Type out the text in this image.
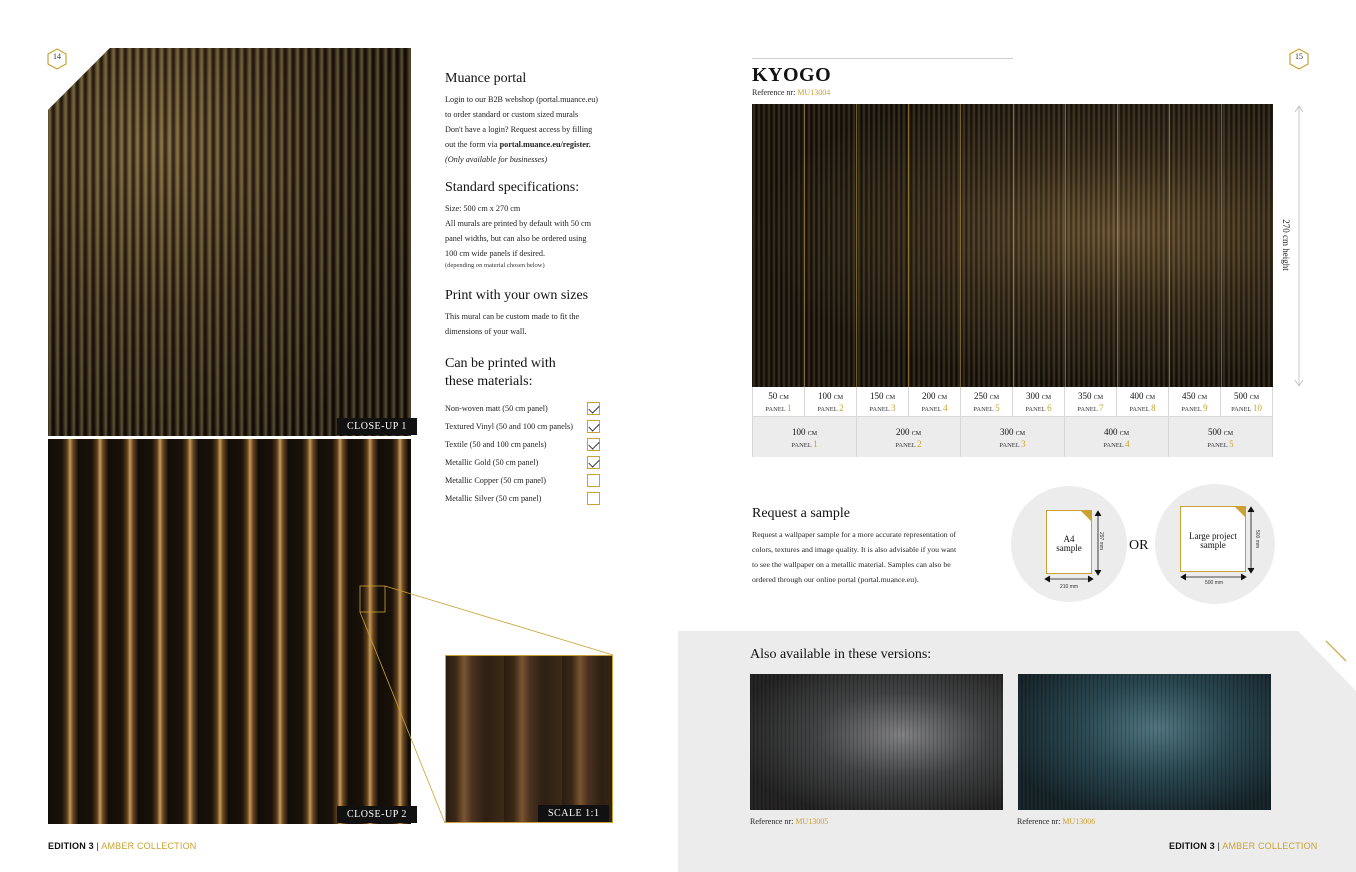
14
CLOSE-UP 1
CLOSE-UP 2	SCALE 1:1
Muance portal
Login to our B2B webshop (portal.muance.eu)
to order standard or custom sized murals
Don't have a login? Request access by filling
out the form via portal.muance.eu/register.
(Only available for businesses)
Standard specifications:
Size: 500 cm x 270 cm
All murals are printed by default with 50 cm
panel widths, but can also be ordered using
100 cm wide panels if desired.
(depending on material chosen below)
Print with your own sizes
This mural can be custom made to fit the
dimensions of your wall.
Can be printed with
these materials:
Non-woven matt (50 cm panel)
Textured Vinyl (50 and 100 cm panels)
Textile (50 and 100 cm panels)
Metallic Gold (50 cm panel)
Metallic Copper (50 cm panel)
Metallic Silver (50 cm panel)
EDITION 3 | AMBER COLLECTION
15
KYOGO
Reference nr: MU13004
270 cm height
50 CM
PANEL 1
100 CM
PANEL 2
150 CM
PANEL 3
200 CM
PANEL 4
250 CM
PANEL 5
300 CM
PANEL 6
350 CM
PANEL 7
400 CM
PANEL 8
450 CM
PANEL 9
500 CM
PANEL 10
100 CM
PANEL 1
200 CM
PANEL 2
300 CM
PANEL 3
400 CM
PANEL 4
500 CM
PANEL 5
Request a sample
Request a wallpaper sample for a more accurate representation of
colors, textures and image quality. It is also advisable if you want
to see the wallpaper on a metallic material. Samples can also be
ordered through our online portal (portal.muance.eu).
A4
sample
210 mm
297 mm OR
Large project
sample
500 mm
500 mm
Also available in these versions:
Reference nr: MU13005	Reference nr: MU13006
EDITION 3 | AMBER COLLECTION
